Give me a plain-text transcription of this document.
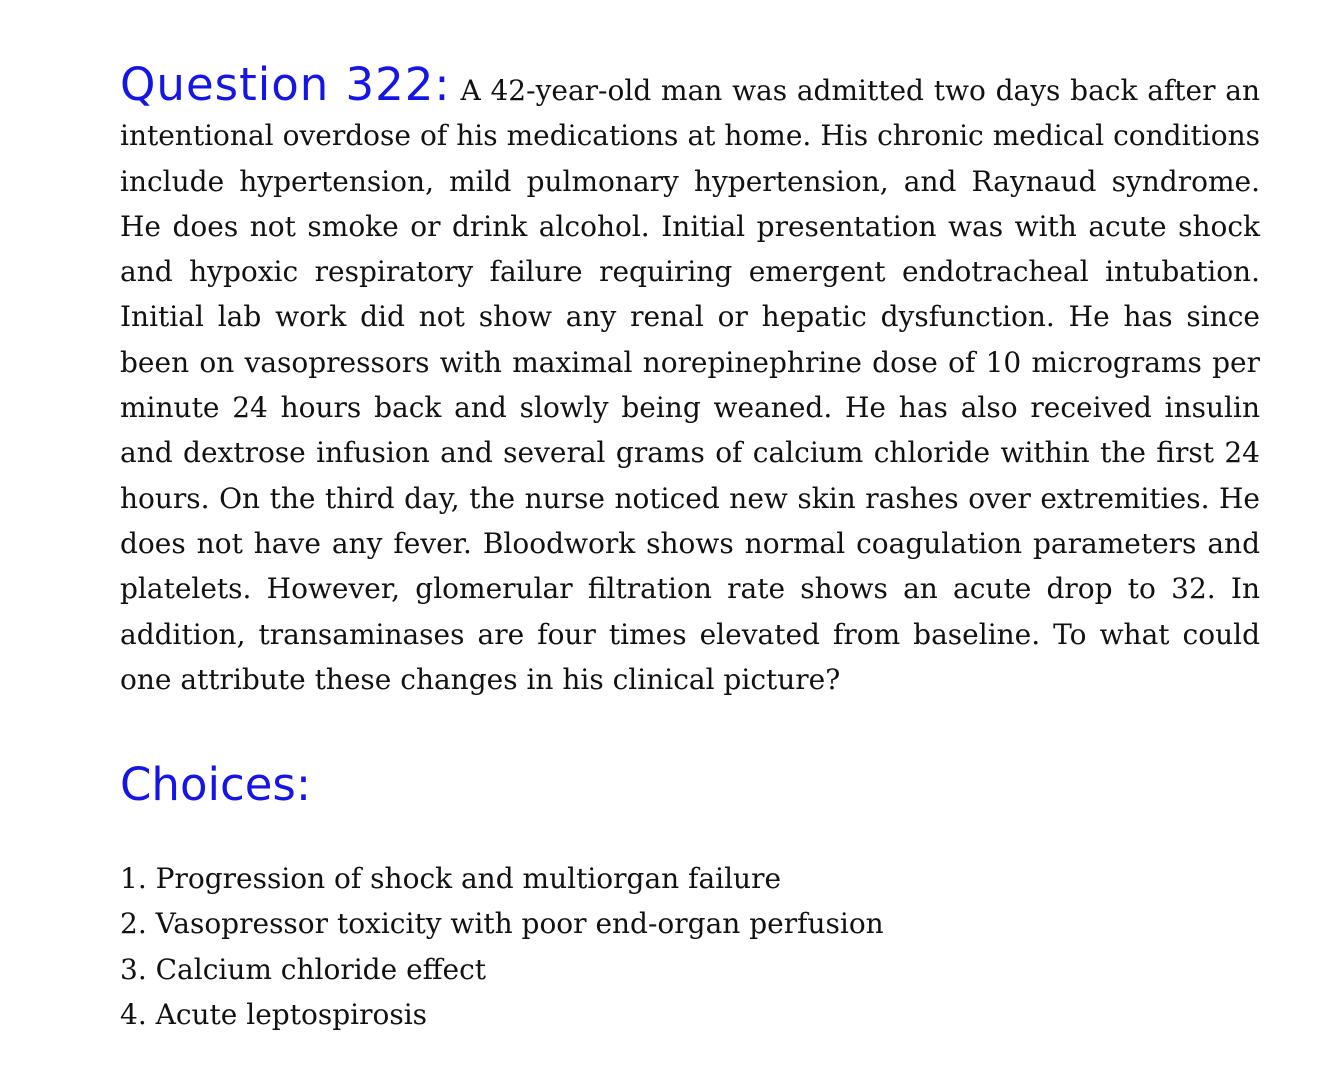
Question 322: A 42-year-old man was admitted two days back after an intentional overdose of his medications at home. His chronic medical conditions include hypertension, mild pulmonary hypertension, and Raynaud syndrome. He does not smoke or drink alcohol. Initial presentation was with acute shock and hypoxic respiratory failure requiring emergent endotracheal intubation. Initial lab work did not show any renal or hepatic dysfunction. He has since been on vasopressors with maximal norepinephrine dose of 10 micrograms per minute 24 hours back and slowly being weaned. He has also received insulin and dextrose infusion and several grams of calcium chloride within the first 24 hours. On the third day, the nurse noticed new skin rashes over extremities. He does not have any fever. Bloodwork shows normal coagulation parameters and platelets. However, glomerular filtration rate shows an acute drop to 32. In addition, transaminases are four times elevated from baseline. To what could one attribute these changes in his clinical picture?

Choices:
1. Progression of shock and multiorgan failure
2. Vasopressor toxicity with poor end-organ perfusion
3. Calcium chloride effect
4. Acute leptospirosis
